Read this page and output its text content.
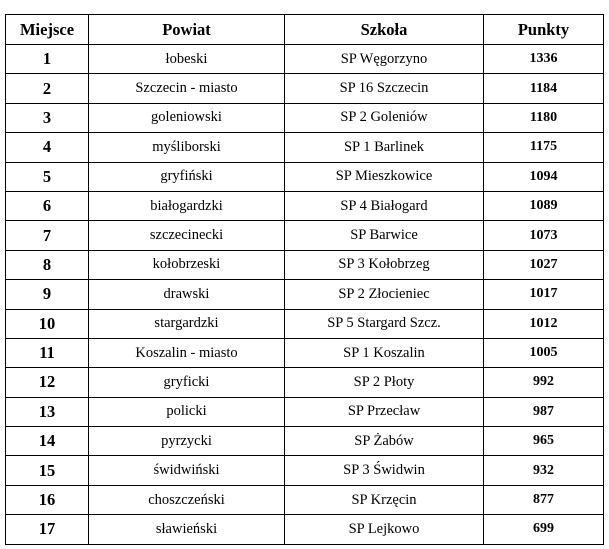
Miejsce	Powiat	Szkoła	Punkty
1	łobeski	SP Węgorzyno	1336
2	Szczecin - miasto	SP 16 Szczecin	1184
3	goleniowski	SP 2 Goleniów	1180
4	myśliborski	SP 1 Barlinek	1175
5	gryfiński	SP Mieszkowice	1094
6	białogardzki	SP 4 Białogard	1089
7	szczecinecki	SP Barwice	1073
8	kołobrzeski	SP 3 Kołobrzeg	1027
9	drawski	SP 2 Złocieniec	1017
10	stargardzki	SP 5 Stargard Szcz.	1012
11	Koszalin - miasto	SP 1 Koszalin	1005
12	gryficki	SP 2 Płoty	992
13	policki	SP Przecław	987
14	pyrzycki	SP Żabów	965
15	świdwiński	SP 3 Świdwin	932
16	choszczeński	SP Krzęcin	877
17	sławieński	SP Lejkowo	699
